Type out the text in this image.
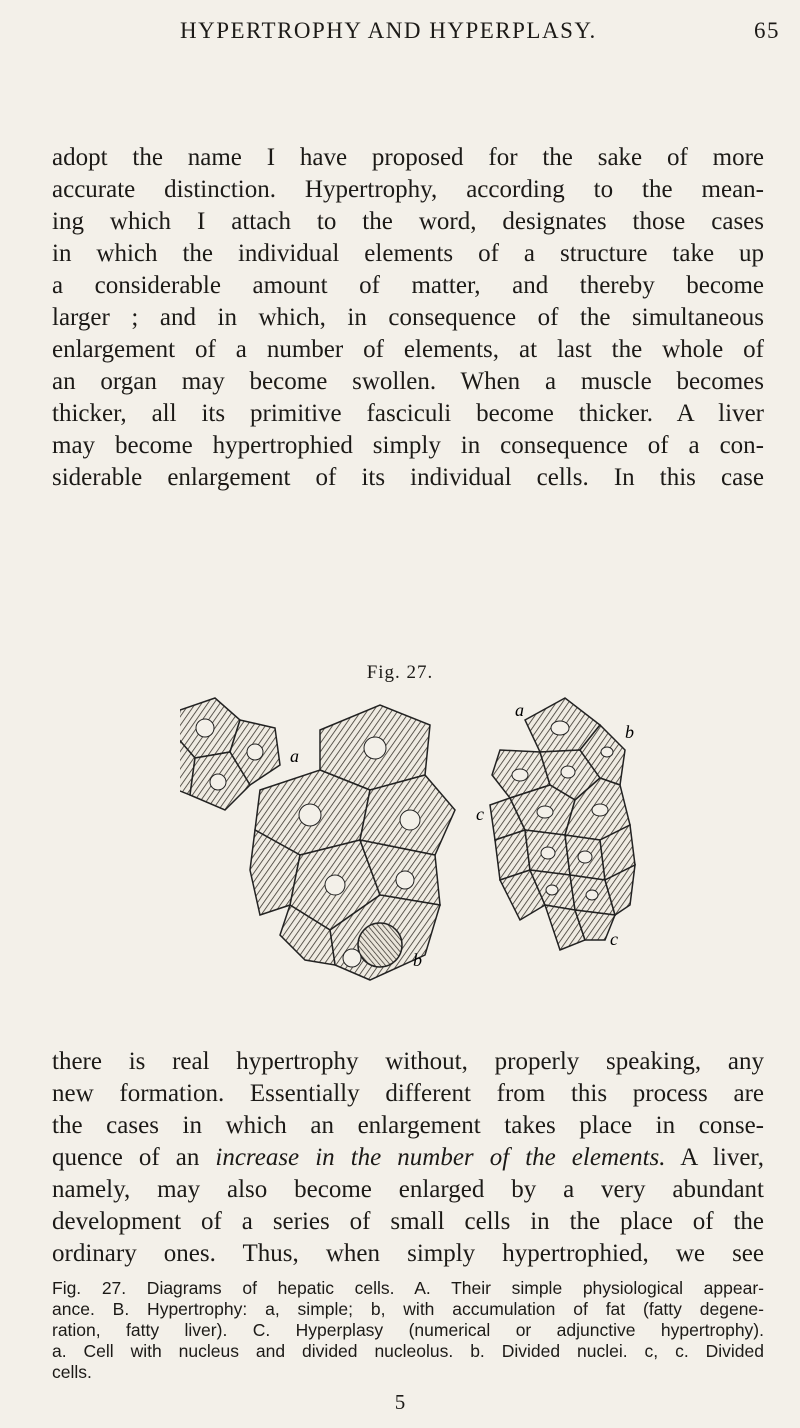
HYPERTROPHY AND HYPERPLASY.	65
adopt the name I have proposed for the sake of more
accurate distinction. Hypertrophy, according to the mean-
ing which I attach to the word, designates those cases
in which the individual elements of a structure take up
a considerable amount of matter, and thereby become
larger ; and in which, in consequence of the simultaneous
enlargement of a number of elements, at last the whole of
an organ may become swollen. When a muscle becomes
thicker, all its primitive fasciculi become thicker. A liver
may become hypertrophied simply in consequence of a con-
siderable enlargement of its individual cells. In this case
Fig. 27.
a
b
a
b
c
c
there is real hypertrophy without, properly speaking, any
new formation. Essentially different from this process are
the cases in which an enlargement takes place in conse-
quence of an increase in the number of the elements. A liver,
namely, may also become enlarged by a very abundant
development of a series of small cells in the place of the
ordinary ones. Thus, when simply hypertrophied, we see
Fig. 27. Diagrams of hepatic cells. A. Their simple physiological appear-
ance. B. Hypertrophy: a, simple; b, with accumulation of fat (fatty degene-
ration, fatty liver). C. Hyperplasy (numerical or adjunctive hypertrophy).
a. Cell with nucleus and divided nucleolus. b. Divided nuclei. c, c. Divided
cells.
5
